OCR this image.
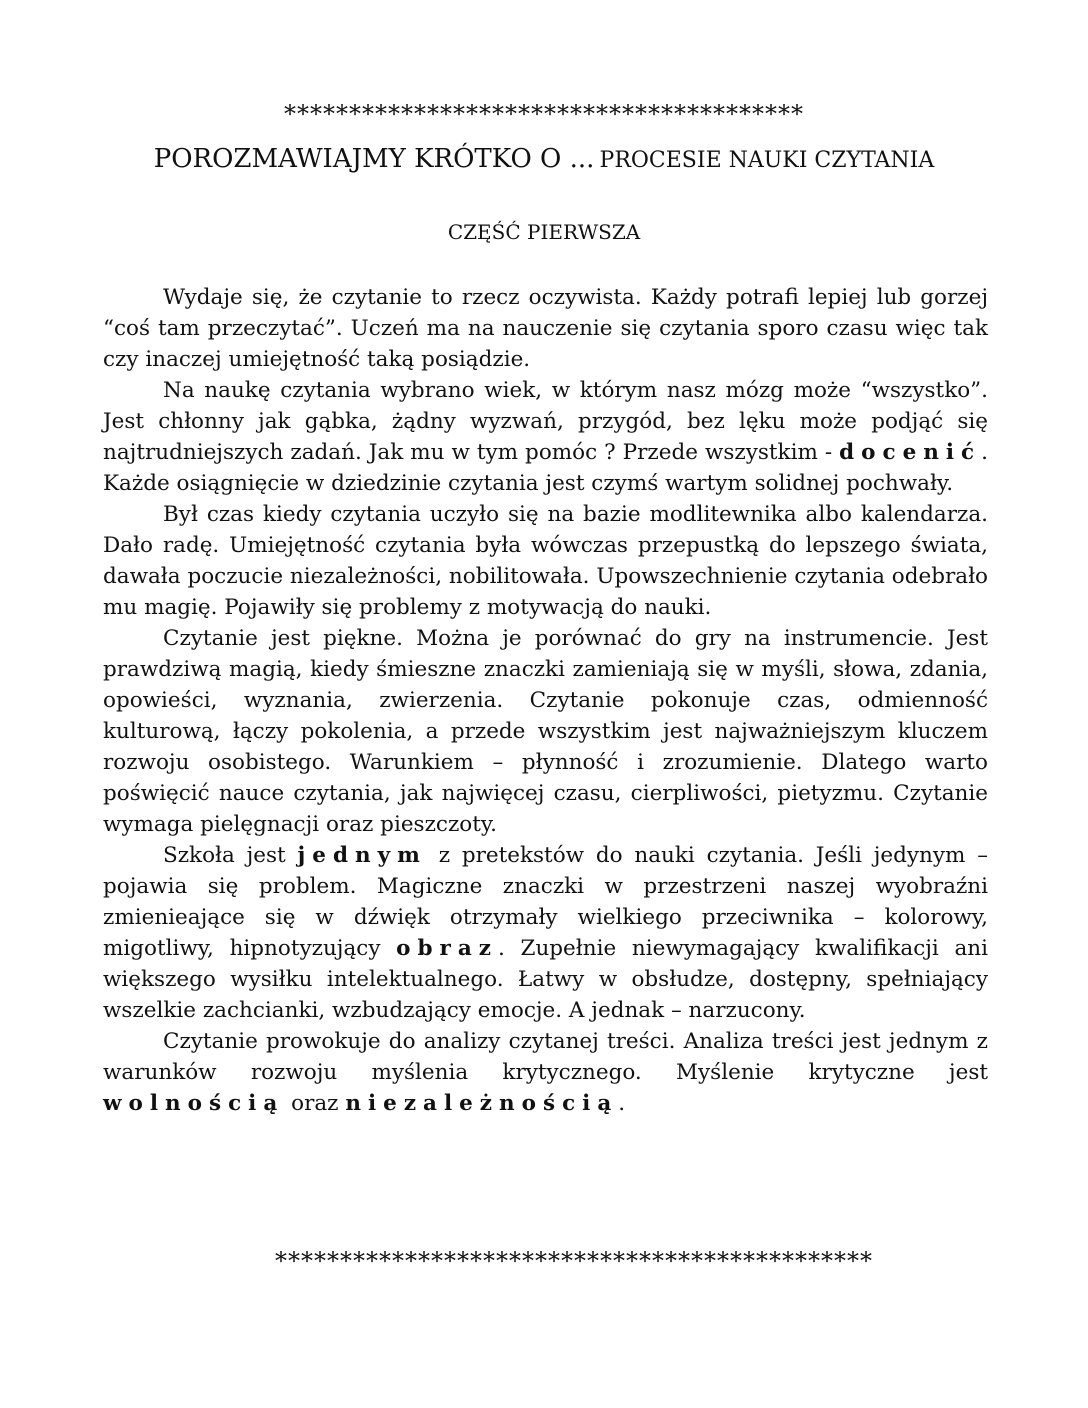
****************************************
POROZMAWIAJMY KRÓTKO O ... PROCESIE NAUKI CZYTANIA
CZĘŚĆ PIERWSZA

Wydaje się, że czytanie to rzecz oczywista. Każdy potrafi lepiej lub gorzej “coś tam przeczytać”. Uczeń ma na nauczenie się czytania sporo czasu więc tak czy inaczej umiejętność taką posiądzie.

Na naukę czytania wybrano wiek, w którym nasz mózg może “wszystko”. Jest chłonny jak gąbka, żądny wyzwań, przygód, bez lęku może podjąć się najtrudniejszych zadań. Jak mu w tym pomóc ? Przede wszystkim - docenić. Każde osiągnięcie w dziedzinie czytania jest czymś wartym solidnej pochwały.

Był czas kiedy czytania uczyło się na bazie modlitewnika albo kalendarza. Dało radę. Umiejętność czytania była wówczas przepustką do lepszego świata, dawała poczucie niezależności, nobilitowała. Upowszechnienie czytania odebrało mu magię. Pojawiły się problemy z motywacją do nauki.

Czytanie jest piękne. Można je porównać do gry na instrumencie. Jest prawdziwą magią, kiedy śmieszne znaczki zamieniają się w myśli, słowa, zdania, opowieści, wyznania, zwierzenia. Czytanie pokonuje czas, odmienność kulturową, łączy pokolenia, a przede wszystkim jest najważniejszym kluczem rozwoju osobistego. Warunkiem – płynność i zrozumienie. Dlatego warto poświęcić nauce czytania, jak najwięcej czasu, cierpliwości, pietyzmu. Czytanie wymaga pielęgnacji oraz pieszczoty.

Szkoła jest jednym z pretekstów do nauki czytania. Jeśli jedynym – pojawia się problem. Magiczne znaczki w przestrzeni naszej wyobraźni zmienieające się w dźwięk otrzymały wielkiego przeciwnika – kolorowy, migotliwy, hipnotyzujący obraz. Zupełnie niewymagający kwalifikacji ani większego wysiłku intelektualnego. Łatwy w obsłudze, dostępny, spełniający wszelkie zachcianki, wzbudzający emocje. A jednak – narzucony.

Czytanie prowokuje do analizy czytanej treści. Analiza treści jest jednym z warunków rozwoju myślenia krytycznego. Myślenie krytyczne jest wolnością oraz niezależnością.

**********************************************
